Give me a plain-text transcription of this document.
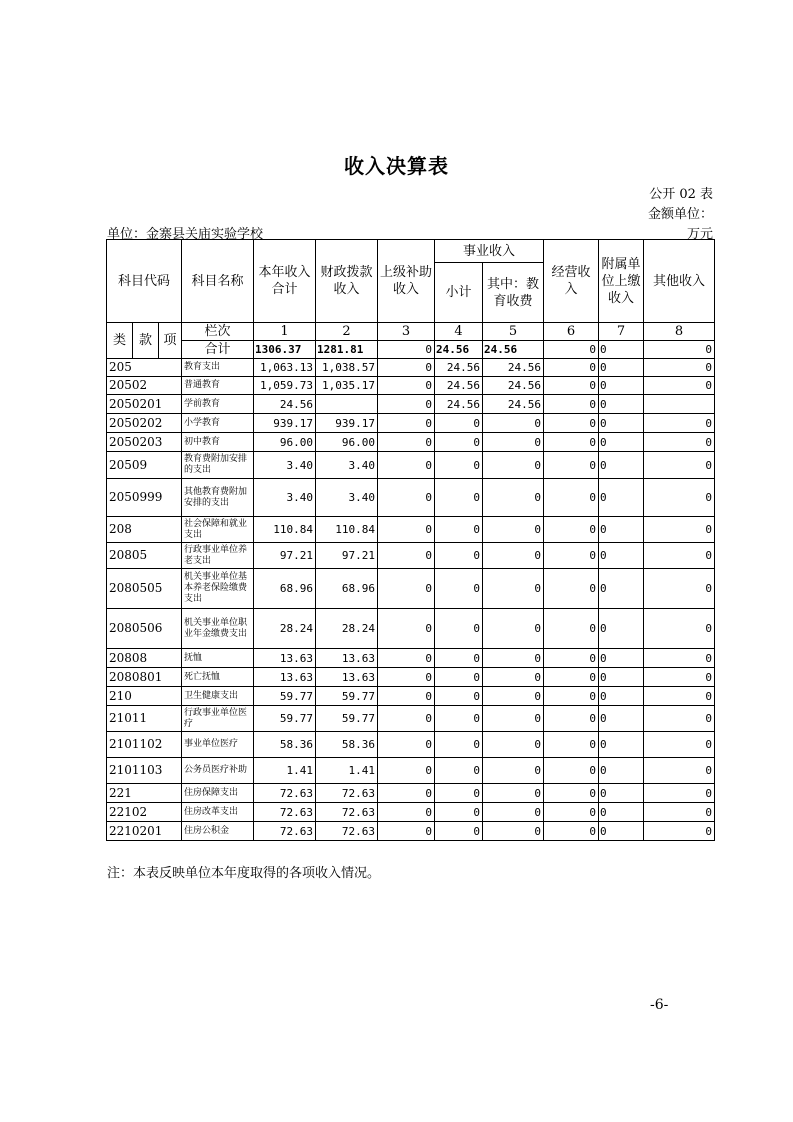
收入决算表
公开 02 表
金额单位：
单位：金寨县关庙实验学校	万元
科目代码			科目名称	本年收入合计	财政拨款收入	上级补助收入	事业收入		经营收入	附属单位上缴收入	其他收入
							小计	其中：教育收费			
类	款	项	栏次	1	2	3	4	5	6	7	8
			合计	1306.37	1281.81	0	24.56	24.56	0	0	0
205			教育支出	1,063.13	1,038.57	0	24.56	24.56	0	0	0
20502			普通教育	1,059.73	1,035.17	0	24.56	24.56	0	0	0
2050201			学前教育	24.56		0	24.56	24.56	0	0	
2050202			小学教育	939.17	939.17	0	0	0	0	0	0
2050203			初中教育	96.00	96.00	0	0	0	0	0	0
20509			教育费附加安排的支出	3.40	3.40	0	0	0	0	0	0
2050999			其他教育费附加安排的支出	3.40	3.40	0	0	0	0	0	0
208			社会保障和就业支出	110.84	110.84	0	0	0	0	0	0
20805			行政事业单位养老支出	97.21	97.21	0	0	0	0	0	0
2080505			机关事业单位基本养老保险缴费支出	68.96	68.96	0	0	0	0	0	0
2080506			机关事业单位职业年金缴费支出	28.24	28.24	0	0	0	0	0	0
20808			抚恤	13.63	13.63	0	0	0	0	0	0
2080801			死亡抚恤	13.63	13.63	0	0	0	0	0	0
210			卫生健康支出	59.77	59.77	0	0	0	0	0	0
21011			行政事业单位医疗	59.77	59.77	0	0	0	0	0	0
2101102			事业单位医疗	58.36	58.36	0	0	0	0	0	0
2101103			公务员医疗补助	1.41	1.41	0	0	0	0	0	0
221			住房保障支出	72.63	72.63	0	0	0	0	0	0
22102			住房改革支出	72.63	72.63	0	0	0	0	0	0
2210201			住房公积金	72.63	72.63	0	0	0	0	0	0
注：本表反映单位本年度取得的各项收入情况。
-6-
